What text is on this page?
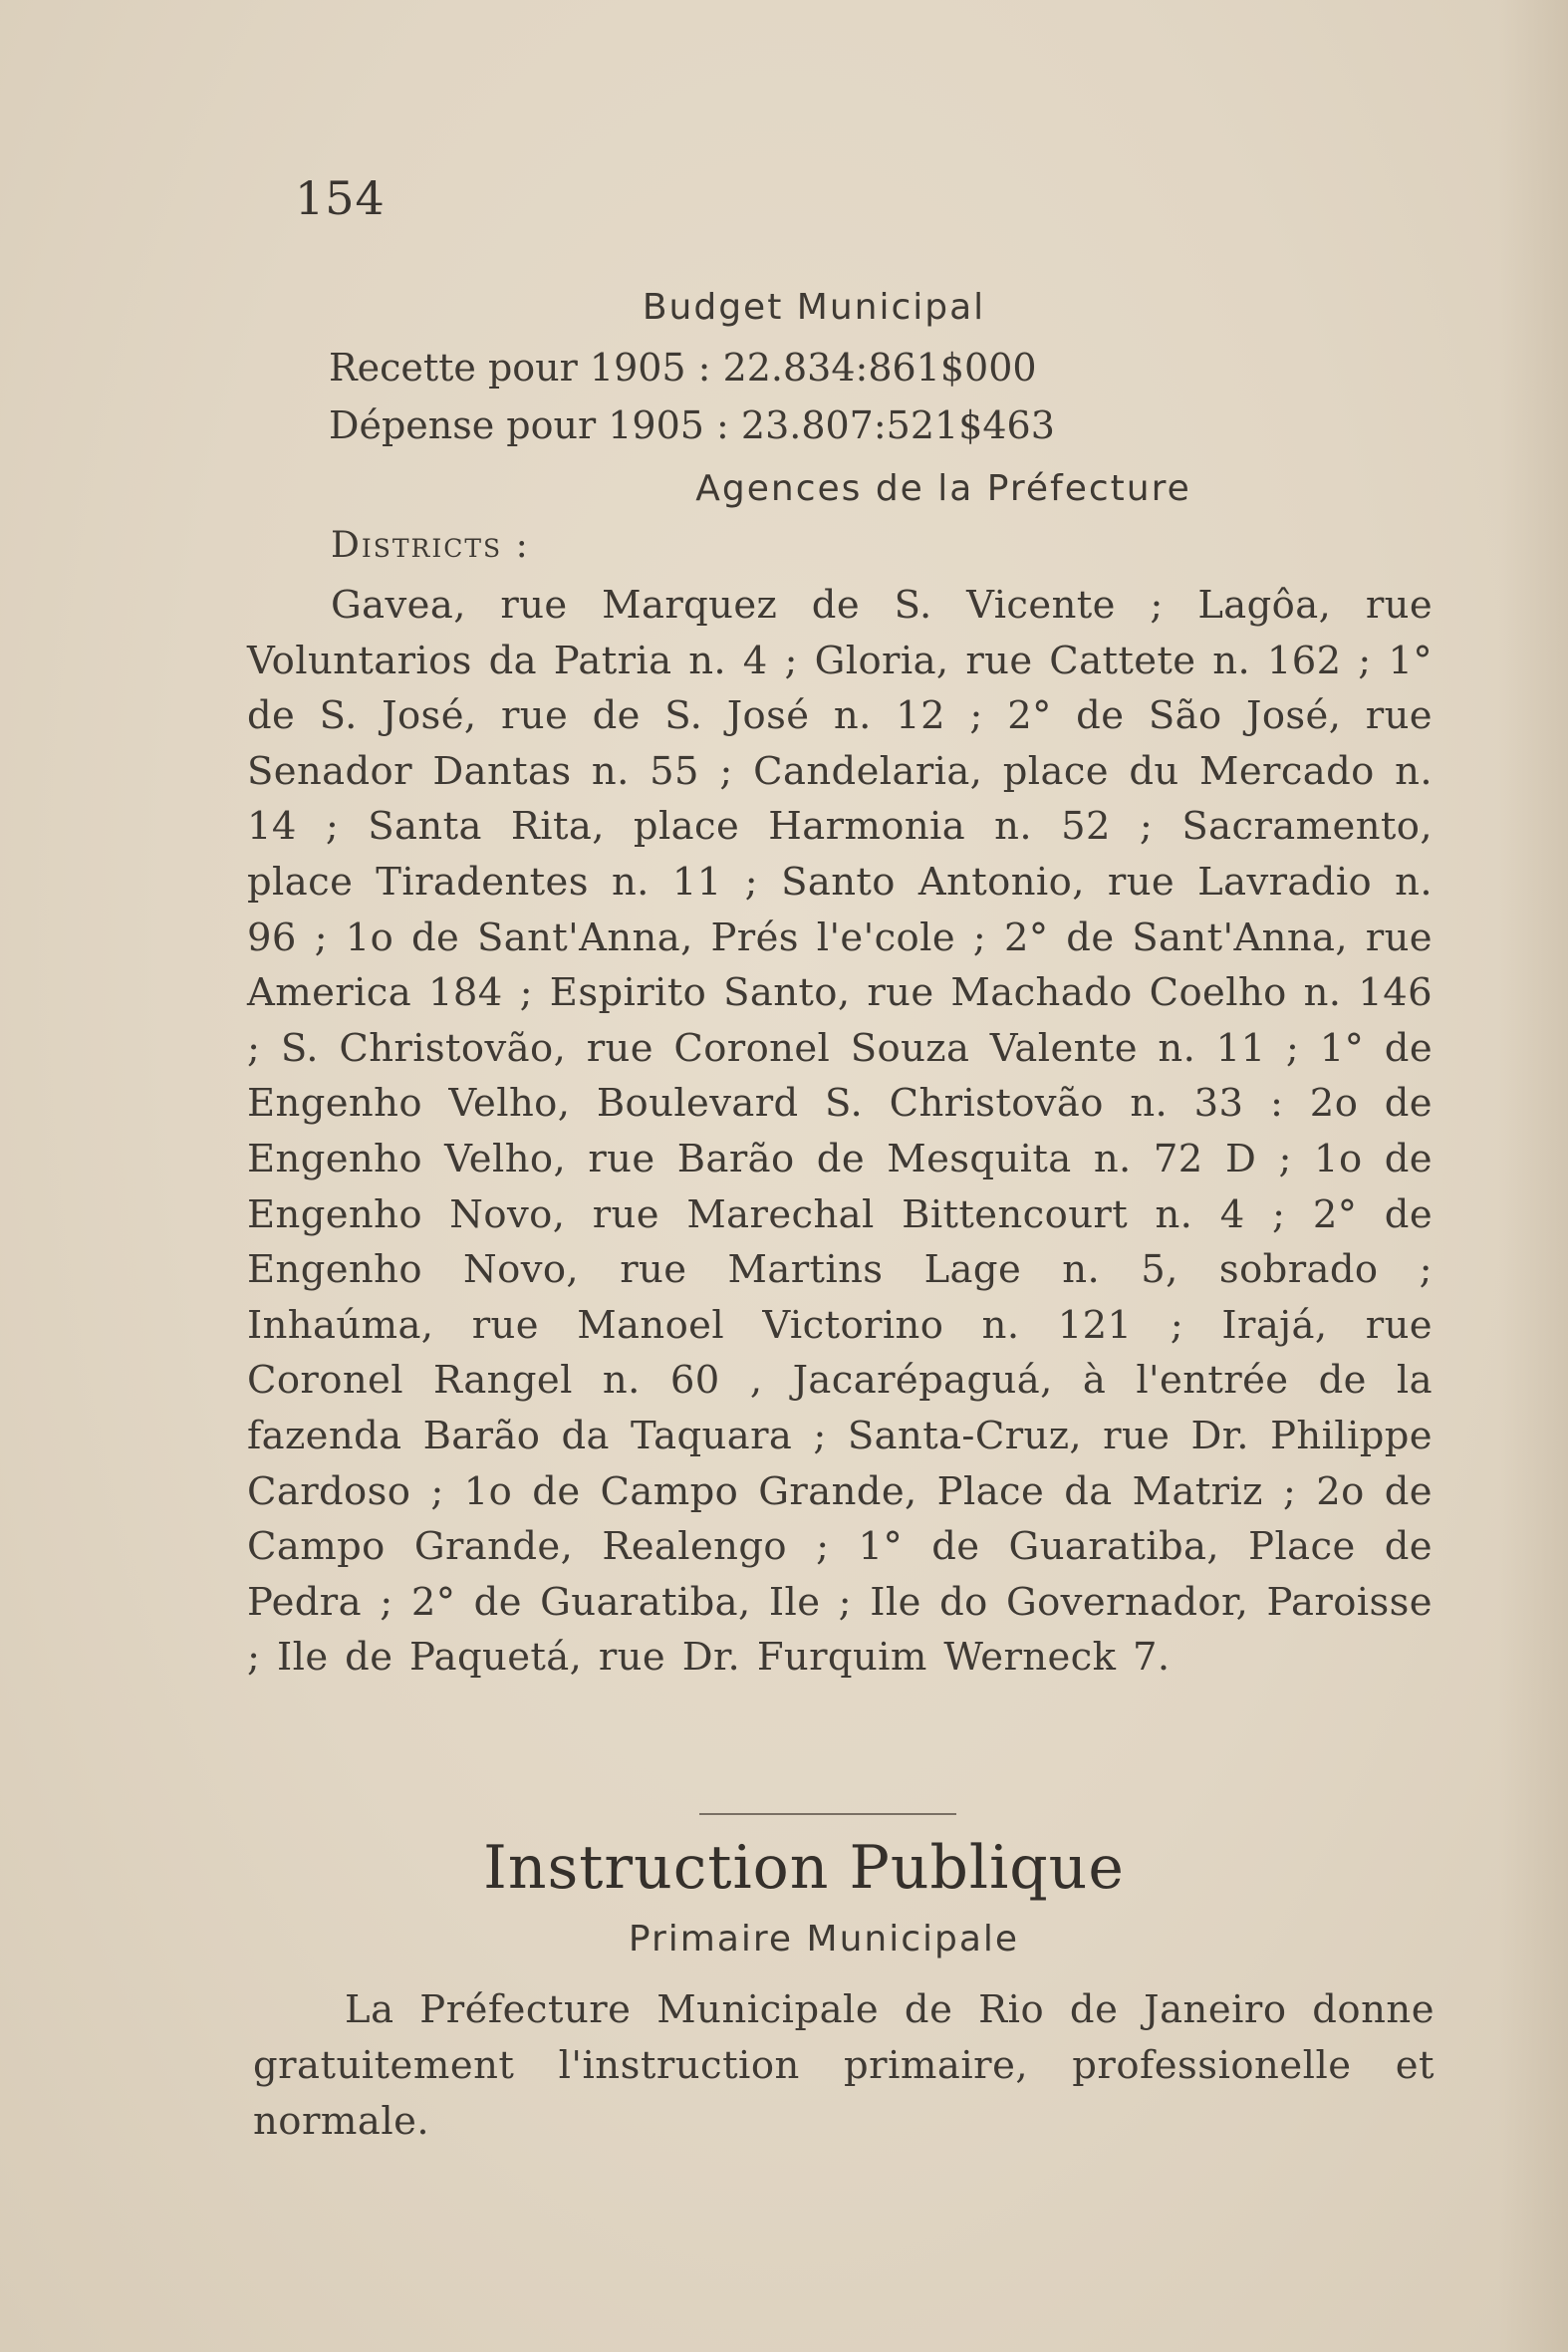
154
Budget Municipal
Recette pour 1905 : 22.834:861$000
Dépense pour 1905 : 23.807:521$463
Agences de la Préfecture
Districts :
Gavea, rue Marquez de S. Vicente ; Lagôa, rue Voluntarios da Patria n. 4 ; Gloria, rue Cattete n. 162 ; 1° de S. José, rue de S. José n. 12 ; 2° de São José, rue Senador Dantas n. 55 ; Candelaria, place du Mercado n. 14 ; Santa Rita, place Harmonia n. 52 ; Sacramento, place Tiradentes n. 11 ; Santo Antonio, rue Lavradio n. 96 ; 1o de Sant'Anna, Prés l'e'cole ; 2° de Sant'Anna, rue America 184 ; Espirito Santo, rue Machado Coelho n. 146 ; S. Christovão, rue Coronel Souza Valente n. 11 ; 1° de Engenho Velho, Boulevard S. Christovão n. 33 : 2o de Engenho Velho, rue Barão de Mesquita n. 72 D ; 1o de Engenho Novo, rue Marechal Bittencourt n. 4 ; 2° de Engenho Novo, rue Martins Lage n. 5, sobrado ; Inhaúma, rue Manoel Victorino n. 121 ; Irajá, rue Coronel Rangel n. 60 , Jacarépaguá, à l'entrée de la fazenda Barão da Taquara ; Santa-Cruz, rue Dr. Philippe Cardoso ; 1o de Campo Grande, Place da Matriz ; 2o de Campo Grande, Realengo ; 1° de Guaratiba, Place de Pedra ; 2° de Guaratiba, Ile ; Ile do Governador, Paroisse ; Ile de Paquetá, rue Dr. Furquim Werneck 7.
Instruction Publique
Primaire Municipale
La Préfecture Municipale de Rio de Janeiro donne gratuitement l'instruction primaire, professionelle et normale.
